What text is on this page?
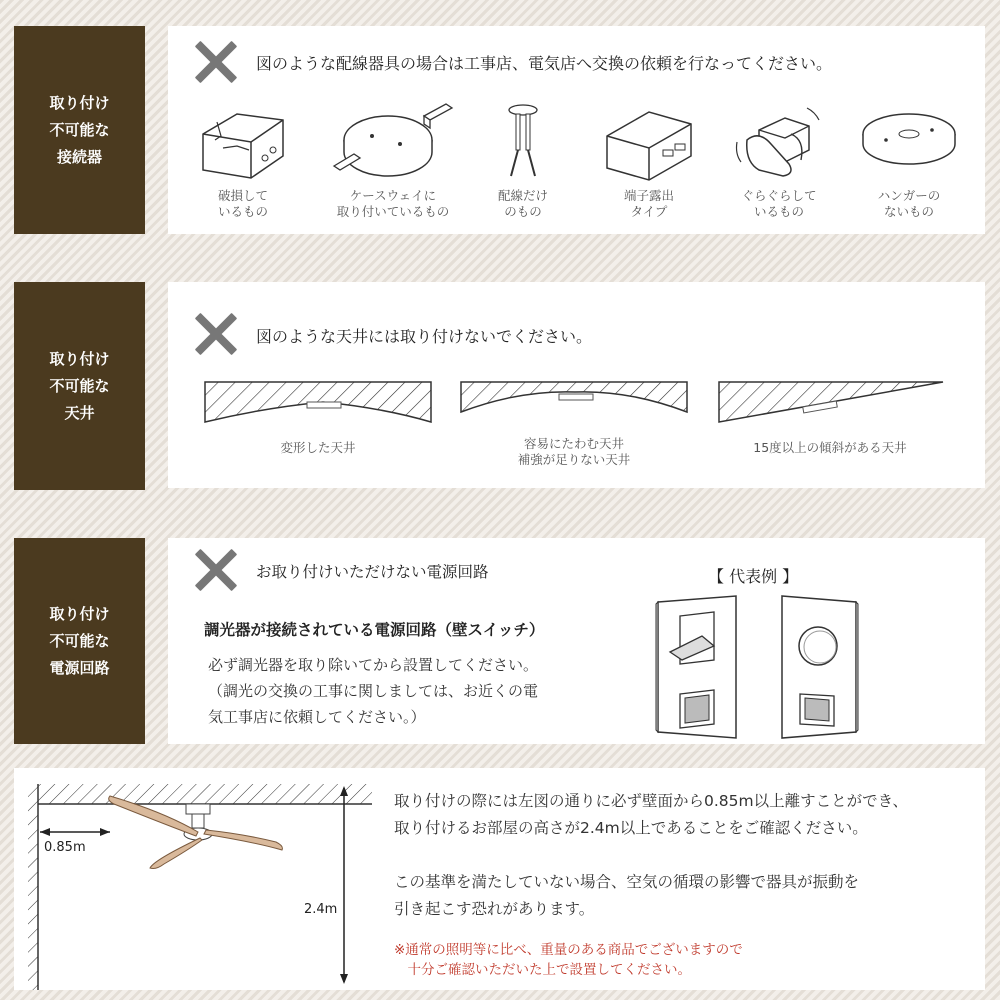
取り付け
不可能な
接続器
図のような配線器具の場合は工事店、電気店へ交換の依頼を行なってください。
破損して
いるもの
ケースウェイに
取り付いているもの
配線だけ
のもの
端子露出
タイプ
ぐらぐらして
いるもの
ハンガーの
ないもの
取り付け
不可能な
天井
図のような天井には取り付けないでください。
変形した天井	容易にたわむ天井
補強が足りない天井
15度以上の傾斜がある天井
取り付け
不可能な
電源回路
お取り付けいただけない電源回路
調光器が接続されている電源回路（壁スイッチ）
必ず調光器を取り除いてから設置してください。（調光の交換の工事に関しましては、お近くの電気工事店に依頼してください。）
【 代表例 】
0.85m
2.4m
取り付けの際には左図の通りに必ず壁面から0.85m以上離すことができ、
取り付けるお部屋の高さが2.4m以上であることをご確認ください。
この基準を満たしていない場合、空気の循環の影響で器具が振動を
引き起こす恐れがあります。
※通常の照明等に比べ、重量のある商品でございますので
　十分ご確認いただいた上で設置してください。
